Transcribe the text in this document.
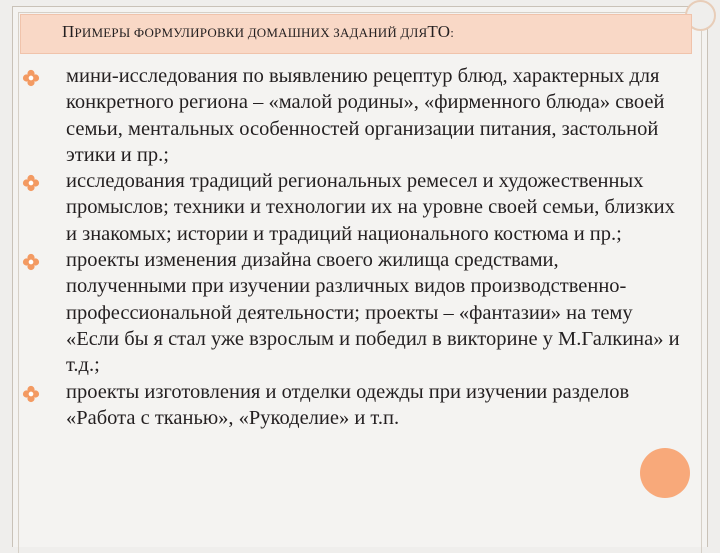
ПРИМЕРЫ ФОРМУЛИРОВКИ ДОМАШНИХ ЗАДАНИЙ ДЛЯТО:
мини-исследования по выявлению рецептур блюд, характерных для конкретного региона – «малой родины», «фирменного блюда» своей семьи, ментальных особенностей организации питания, застольной этики и пр.;
исследования традиций региональных ремесел и художественных промыслов; техники и технологии их на уровне своей семьи, близких и знакомых; истории и традиций национального костюма и пр.;
проекты изменения дизайна своего жилища средствами, полученными при изучении различных видов производственно-профессиональной деятельности; проекты – «фантазии» на тему «Если бы я стал уже взрослым и победил в викторине у М.Галкина» и т.д.;
проекты изготовления и отделки одежды при изучении разделов «Работа с тканью», «Рукоделие» и т.п.
